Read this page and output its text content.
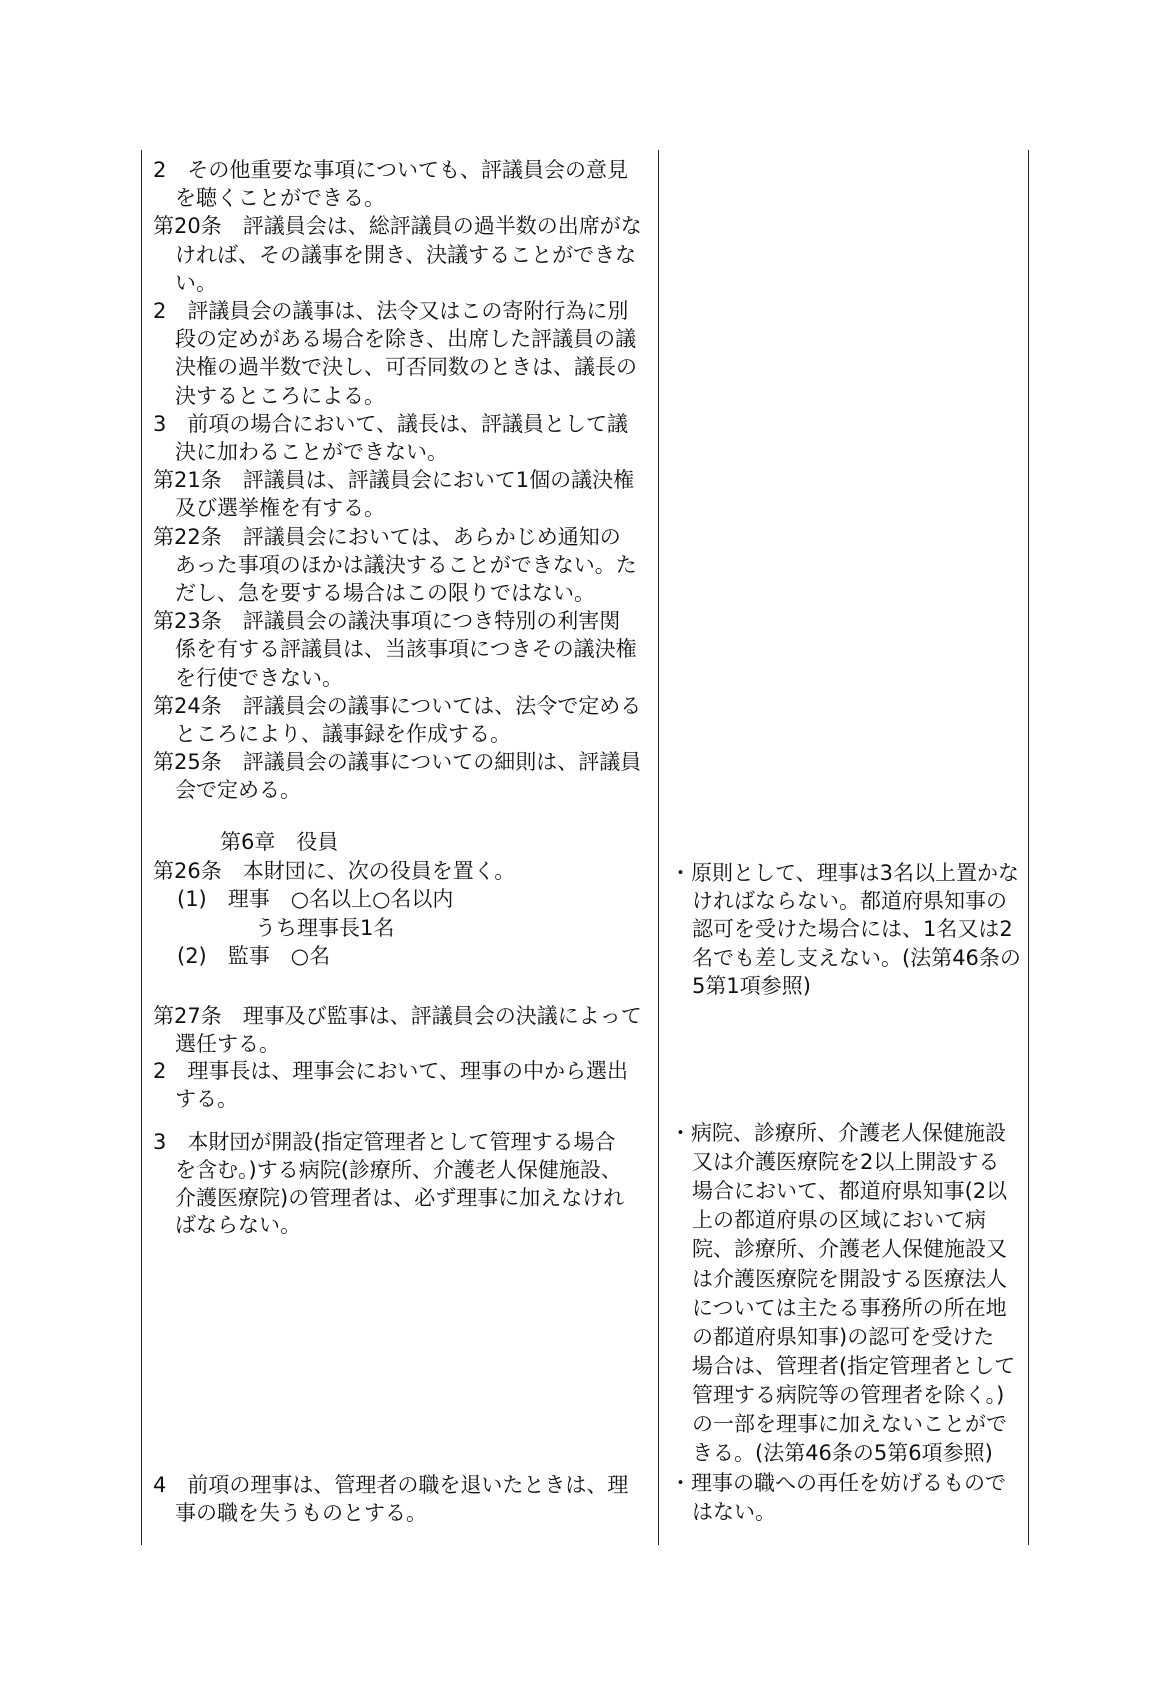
2　その他重要な事項についても、評議員会の意見
を聴くことができる。
第20条　評議員会は、総評議員の過半数の出席がな
ければ、その議事を開き、決議することができな
い。
2　評議員会の議事は、法令又はこの寄附行為に別
段の定めがある場合を除き、出席した評議員の議
決権の過半数で決し、可否同数のときは、議長の
決するところによる。
3　前項の場合において、議長は、評議員として議
決に加わることができない。
第21条　評議員は、評議員会において1個の議決権
及び選挙権を有する。
第22条　評議員会においては、あらかじめ通知の
あった事項のほかは議決することができない。た
だし、急を要する場合はこの限りではない。
第23条　評議員会の議決事項につき特別の利害関
係を有する評議員は、当該事項につきその議決権
を行使できない。
第24条　評議員会の議事については、法令で定める
ところにより、議事録を作成する。
第25条　評議員会の議事についての細則は、評議員
会で定める。
第6章　役員
第26条　本財団に、次の役員を置く。
(1)　理事　○名以上○名以内
うち理事長1名
(2)　監事　○名
第27条　理事及び監事は、評議員会の決議によって
選任する。
2　理事長は、理事会において、理事の中から選出
する。
3　本財団が開設(指定管理者として管理する場合
を含む。)する病院(診療所、介護老人保健施設、
介護医療院)の管理者は、必ず理事に加えなけれ
ばならない。
4　前項の理事は、管理者の職を退いたときは、理
事の職を失うものとする。
・原則として、理事は3名以上置かな
ければならない。都道府県知事の
認可を受けた場合には、1名又は2
名でも差し支えない。(法第46条の
5第1項参照)
・病院、診療所、介護老人保健施設
又は介護医療院を2以上開設する
場合において、都道府県知事(2以
上の都道府県の区域において病
院、診療所、介護老人保健施設又
は介護医療院を開設する医療法人
については主たる事務所の所在地
の都道府県知事)の認可を受けた
場合は、管理者(指定管理者として
管理する病院等の管理者を除く。)
の一部を理事に加えないことがで
きる。(法第46条の5第6項参照)
・理事の職への再任を妨げるもので
はない。
